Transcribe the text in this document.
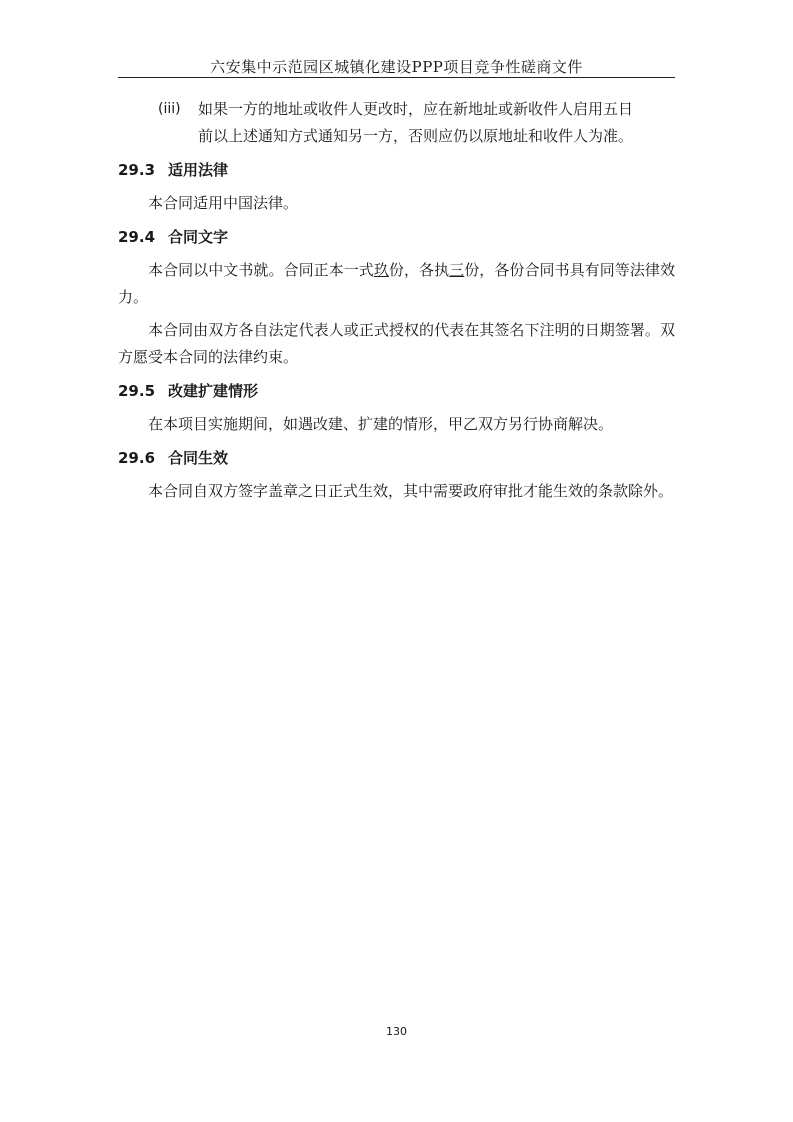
六安集中示范园区城镇化建设PPP项目竞争性磋商文件
(iii)	如果一方的地址或收件人更改时，应在新地址或新收件人启用五日
前以上述通知方式通知另一方，否则应仍以原地址和收件人为准。
29.3 适用法律

本合同适用中国法律。

29.4 合同文字

本合同以中文书就。合同正本一式玖份，各执三份，各份合同书具有同等法律效力。

本合同由双方各自法定代表人或正式授权的代表在其签名下注明的日期签署。双方愿受本合同的法律约束。

29.5 改建扩建情形

在本项目实施期间，如遇改建、扩建的情形，甲乙双方另行协商解决。

29.6 合同生效

本合同自双方签字盖章之日正式生效，其中需要政府审批才能生效的条款除外。

130
